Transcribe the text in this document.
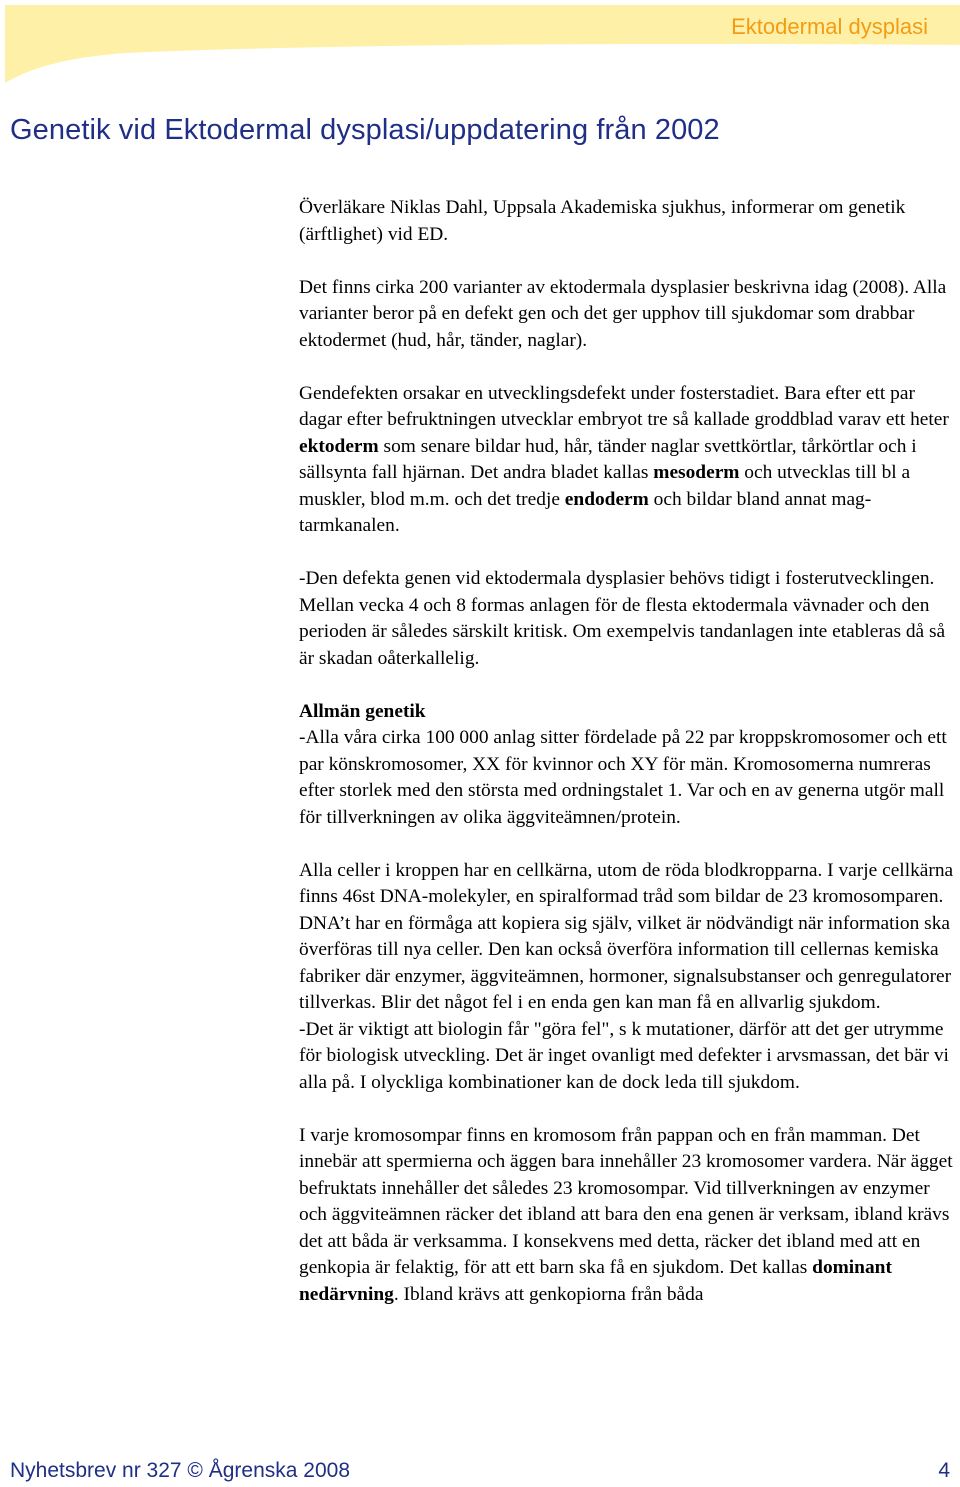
Ektodermal dysplasi
Genetik vid Ektodermal dysplasi/uppdatering från 2002

Överläkare Niklas Dahl, Uppsala Akademiska sjukhus, informerar om genetik (ärftlighet) vid ED.

Det finns cirka 200 varianter av ektodermala dysplasier beskrivna idag (2008). Alla varianter beror på en defekt gen och det ger upphov till sjukdomar som drabbar ektodermet (hud, hår, tänder, naglar).

Gendefekten orsakar en utvecklingsdefekt under fosterstadiet. Bara efter ett par dagar efter befruktningen utvecklar embryot tre så kallade groddblad varav ett heter ektoderm som senare bildar hud, hår, tänder naglar svettkörtlar, tårkörtlar och i sällsynta fall hjärnan. Det andra bladet kallas mesoderm och utvecklas till bl a muskler, blod m.m. och det tredje endoderm och bildar bland annat mag-tarmkanalen.

-Den defekta genen vid ektodermala dysplasier behövs tidigt i fosterutvecklingen. Mellan vecka 4 och 8 formas anlagen för de flesta ektodermala vävnader och den perioden är således särskilt kritisk. Om exempelvis tandanlagen inte etableras då så är skadan oåterkallelig.

Allmän genetik

-Alla våra cirka 100 000 anlag sitter fördelade på 22 par kroppskromosomer och ett par könskromosomer, XX för kvinnor och XY för män. Kromosomerna numreras efter storlek med den största med ordningstalet 1. Var och en av generna utgör mall för tillverkningen av olika äggviteämnen/protein.

Alla celler i kroppen har en cellkärna, utom de röda blodkropparna. I varje cellkärna finns 46st DNA-molekyler, en spiralformad tråd som bildar de 23 kromosomparen. DNA’t har en förmåga att kopiera sig själv, vilket är nödvändigt när information ska överföras till nya celler. Den kan också överföra information till cellernas kemiska fabriker där enzymer, äggviteämnen, hormoner, signalsubstanser och genregulatorer tillverkas. Blir det något fel i en enda gen kan man få en allvarlig sjukdom.

-Det är viktigt att biologin får "göra fel", s k mutationer, därför att det ger utrymme för biologisk utveckling. Det är inget ovanligt med defekter i arvsmassan, det bär vi alla på. I olyckliga kombinationer kan de dock leda till sjukdom.

I varje kromosompar finns en kromosom från pappan och en från mamman. Det innebär att spermierna och äggen bara innehåller 23 kromosomer vardera. När ägget befruktats innehåller det således 23 kromosompar. Vid tillverkningen av enzymer och äggviteämnen räcker det ibland att bara den ena genen är verksam, ibland krävs det att båda är verksamma. I konsekvens med detta, räcker det ibland med att en genkopia är felaktig, för att ett barn ska få en sjukdom. Det kallas dominant nedärvning. Ibland krävs att genkopiorna från båda

Nyhetsbrev nr 327 © Ågrenska 2008	4
